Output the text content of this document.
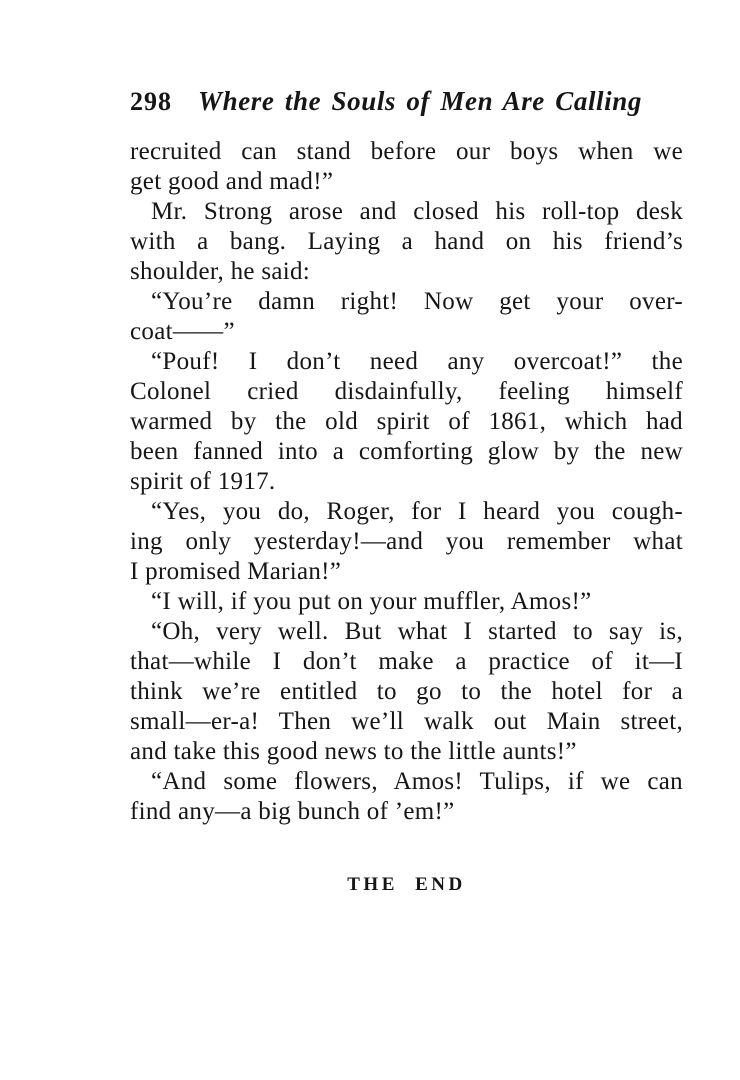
298 Where the Souls of Men Are Calling
recruited can stand before our boys when we
get good and mad!”
Mr. Strong arose and closed his roll-top desk
with a bang. Laying a hand on his friend’s
shoulder, he said:
“You’re damn right! Now get your over-
coat——”
“Pouf! I don’t need any overcoat!” the
Colonel cried disdainfully, feeling himself
warmed by the old spirit of 1861, which had
been fanned into a comforting glow by the new
spirit of 1917.
“Yes, you do, Roger, for I heard you cough-
ing only yesterday!—and you remember what
I promised Marian!”
“I will, if you put on your muffler, Amos!”
“Oh, very well. But what I started to say is,
that—while I don’t make a practice of it—I
think we’re entitled to go to the hotel for a
small—er-a! Then we’ll walk out Main street,
and take this good news to the little aunts!”
“And some flowers, Amos! Tulips, if we can
find any—a big bunch of ’em!”
THE END
